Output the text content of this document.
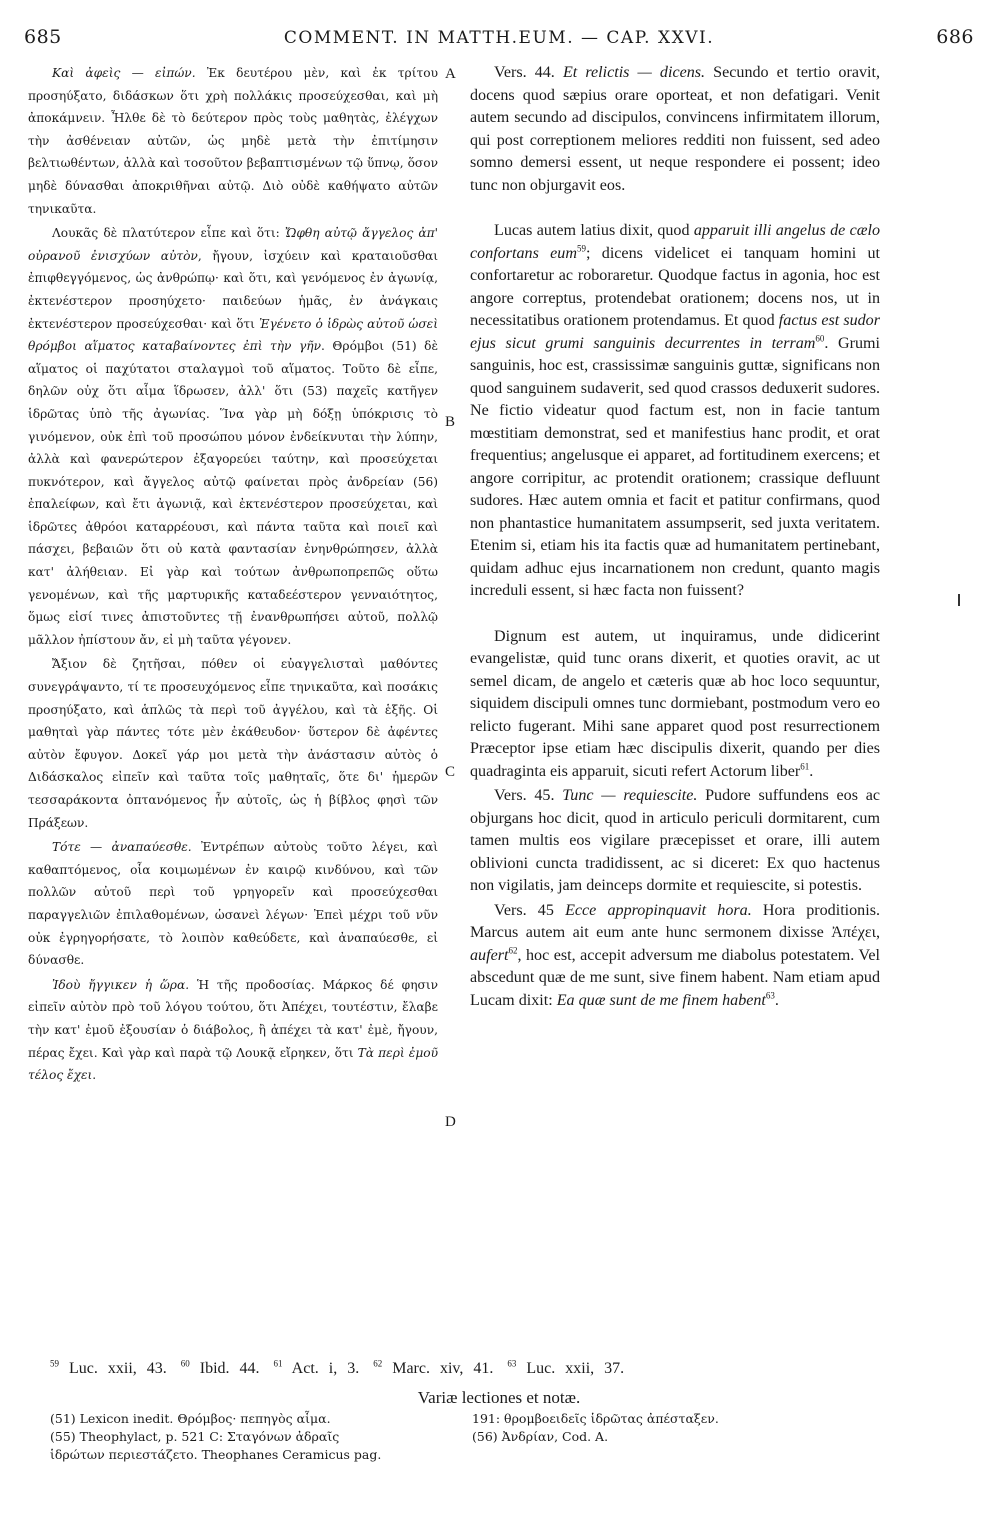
685	COMMENT. IN MATTH.EUM. — CAP. XXVI.	686

Καὶ ἀφεὶς — εἰπών. Ἐκ δευτέρου μὲν, καὶ ἐκ τρίτου προσηύξατο, διδάσκων ὅτι χρὴ πολλάκις προσεύχεσθαι, καὶ μὴ ἀποκάμνειν. Ἦλθε δὲ τὸ δεύτερον πρὸς τοὺς μαθητὰς, ἐλέγχων τὴν ἀσθένειαν αὐτῶν, ὡς μηδὲ μετὰ τὴν ἐπιτίμησιν βελτιωθέντων, ἀλλὰ καὶ τοσοῦτον βεβαπτισμένων τῷ ὕπνῳ, ὅσον μηδὲ δύνασθαι ἀποκριθῆναι αὐτῷ. Διὸ οὐδὲ καθήψατο αὐτῶν τηνικαῦτα.

Λουκᾶς δὲ πλατύτερον εἶπε καὶ ὅτι: Ὤφθη αὐτῷ ἄγγελος ἀπ' οὐρανοῦ ἐνισχύων αὐτὸν, ἤγουν, ἰσχύειν καὶ κραταιοῦσθαι ἐπιφθεγγόμενος, ὡς ἀνθρώπῳ· καὶ ὅτι, καὶ γενόμενος ἐν ἀγωνίᾳ, ἐκτενέστερον προσηύχετο· παιδεύων ἡμᾶς, ἐν ἀνάγκαις ἐκτενέστερον προσεύχεσθαι· καὶ ὅτι Ἐγένετο ὁ ἱδρὼς αὐτοῦ ὡσεὶ θρόμβοι αἵματος καταβαίνοντες ἐπὶ τὴν γῆν. Θρόμβοι (51) δὲ αἵματος οἱ παχύτατοι σταλαγμοὶ τοῦ αἵματος. Τοῦτο δὲ εἶπε, δηλῶν οὐχ ὅτι αἷμα ἵδρωσεν, ἀλλ' ὅτι (53) παχεῖς κατῆγεν ἱδρῶτας ὑπὸ τῆς ἀγωνίας. Ἵνα γὰρ μὴ δόξῃ ὑπόκρισις τὸ γινόμενον, οὐκ ἐπὶ τοῦ προσώπου μόνον ἐνδείκνυται τὴν λύπην, ἀλλὰ καὶ φανερώτερον ἐξαγορεύει ταύτην, καὶ προσεύχεται πυκνότερον, καὶ ἄγγελος αὐτῷ φαίνεται πρὸς ἀνδρείαν (56) ἐπαλείφων, καὶ ἔτι ἀγωνιᾷ, καὶ ἐκτενέστερον προσεύχεται, καὶ ἱδρῶτες ἀθρόοι καταρρέουσι, καὶ πάντα ταῦτα καὶ ποιεῖ καὶ πάσχει, βεβαιῶν ὅτι οὐ κατὰ φαντασίαν ἐνηνθρώπησεν, ἀλλὰ κατ' ἀλήθειαν. Εἰ γὰρ καὶ τούτων ἀνθρωποπρεπῶς οὕτω γενομένων, καὶ τῆς μαρτυρικῆς καταδεέστερον γενναιότητος, ὅμως εἰσί τινες ἀπιστοῦντες τῇ ἐνανθρωπήσει αὐτοῦ, πολλῷ μᾶλλον ἠπίστουν ἄν, εἰ μὴ ταῦτα γέγονεν.

Ἄξιον δὲ ζητῆσαι, πόθεν οἱ εὐαγγελισταὶ μαθόντες συνεγράψαντο, τί τε προσευχόμενος εἶπε τηνικαῦτα, καὶ ποσάκις προσηύξατο, καὶ ἁπλῶς τὰ περὶ τοῦ ἀγγέλου, καὶ τὰ ἑξῆς. Οἱ μαθηταὶ γὰρ πάντες τότε μὲν ἐκάθευδον· ὕστερον δὲ ἀφέντες αὐτὸν ἔφυγον. Δοκεῖ γάρ μοι μετὰ τὴν ἀνάστασιν αὐτὸς ὁ Διδάσκαλος εἰπεῖν καὶ ταῦτα τοῖς μαθηταῖς, ὅτε δι' ἡμερῶν τεσσαράκοντα ὀπτανόμενος ἦν αὐτοῖς, ὡς ἡ βίβλος φησὶ τῶν Πράξεων.

Τότε — ἀναπαύεσθε. Ἐντρέπων αὐτοὺς τοῦτο λέγει, καὶ καθαπτόμενος, οἷα κοιμωμένων ἐν καιρῷ κινδύνου, καὶ τῶν πολλῶν αὐτοῦ περὶ τοῦ γρηγορεῖν καὶ προσεύχεσθαι παραγγελιῶν ἐπιλαθομένων, ὡσανεὶ λέγων· Ἐπεὶ μέχρι τοῦ νῦν οὐκ ἐγρηγορήσατε, τὸ λοιπὸν καθεύδετε, καὶ ἀναπαύεσθε, εἰ δύνασθε.

Ἰδοὺ ἤγγικεν ἡ ὥρα. Ἡ τῆς προδοσίας. Μάρκος δέ φησιν εἰπεῖν αὐτὸν πρὸ τοῦ λόγου τούτου, ὅτι Ἀπέχει, τουτέστιν, ἔλαβε τὴν κατ' ἐμοῦ ἐξουσίαν ὁ διάβολος, ἢ ἀπέχει τὰ κατ' ἐμὲ, ἤγουν, πέρας ἔχει. Καὶ γὰρ καὶ παρὰ τῷ Λουκᾷ εἴρηκεν, ὅτι Τὰ περὶ ἐμοῦ τέλος ἔχει.

Vers. 44. Et relictis — dicens. Secundo et tertio oravit, docens quod sæpius orare oporteat, et non defatigari. Venit autem secundo ad discipulos, convincens infirmitatem illorum, qui post correptionem meliores redditi non fuissent, sed adeo somno demersi essent, ut neque respondere ei possent; ideo tunc non objurgavit eos.

Lucas autem latius dixit, quod apparuit illi angelus de cælo confortans eum$^{59}$; dicens videlicet ei tanquam homini ut confortaretur ac roboraretur. Quodque factus in agonia, hoc est angore correptus, protendebat orationem; docens nos, ut in necessitatibus orationem protendamus. Et quod factus est sudor ejus sicut grumi sanguinis decurrentes in terram$^{60}$. Grumi sanguinis, hoc est, crassissimæ sanguinis guttæ, significans non quod sanguinem sudaverit, sed quod crassos deduxerit sudores. Ne fictio videatur quod factum est, non in facie tantum mœstitiam demonstrat, sed et manifestius hanc prodit, et orat frequentius; angelusque ei apparet, ad fortitudinem exercens; et angore corripitur, ac protendit orationem; crassique defluunt sudores. Hæc autem omnia et facit et patitur confirmans, quod non phantastice humanitatem assumpserit, sed juxta veritatem. Etenim si, etiam his ita factis quæ ad humanitatem pertinebant, quidam adhuc ejus incarnationem non credunt, quanto magis increduli essent, si hæc facta non fuissent?

Dignum est autem, ut inquiramus, unde didicerint evangelistæ, quid tunc orans dixerit, et quoties oravit, ac ut semel dicam, de angelo et cæteris quæ ab hoc loco sequuntur, siquidem discipuli omnes tunc dormiebant, postmodum vero eo relicto fugerant. Mihi sane apparet quod post resurrectionem Præceptor ipse etiam hæc discipulis dixerit, quando per dies quadraginta eis apparuit, sicuti refert Actorum liber$^{61}$.

Vers. 45. Tunc — requiescite. Pudore suffundens eos ac objurgans hoc dicit, quod in articulo periculi dormitarent, cum tamen multis eos vigilare præcepisset et orare, illi autem oblivioni cuncta tradidissent, ac si diceret: Ex quo hactenus non vigilatis, jam deinceps dormite et requiescite, si potestis.

Vers. 45 Ecce appropinquavit hora. Hora proditionis. Marcus autem ait eum ante hunc sermonem dixisse Ἀπέχει, aufert$^{62}$, hoc est, accepit adversum me diabolus potestatem. Vel abscedunt quæ de me sunt, sive finem habent. Nam etiam apud Lucam dixit: Ea quæ sunt de me finem habent$^{63}$.

A
B
C
D
$^{59}$ Luc. xxii, 43. $^{60}$ Ibid. 44. $^{61}$ Act. i, 3. $^{62}$ Marc. xiv, 41. $^{63}$ Luc. xxii, 37.
Variæ lectiones et notæ.
(51) Lexicon inedit. Θρόμβος· πεπηγὸς αἷμα.
(55) Theophylact, p. 521 C: Σταγόνων ἀδραῖς
ἱδρώτων περιεστάζετο. Theophanes Ceramicus pag.
191: θρομβοειδεῖς ἱδρῶτας ἀπέσταξεν.
(56) Ἀνδρίαν, Cod. A.
